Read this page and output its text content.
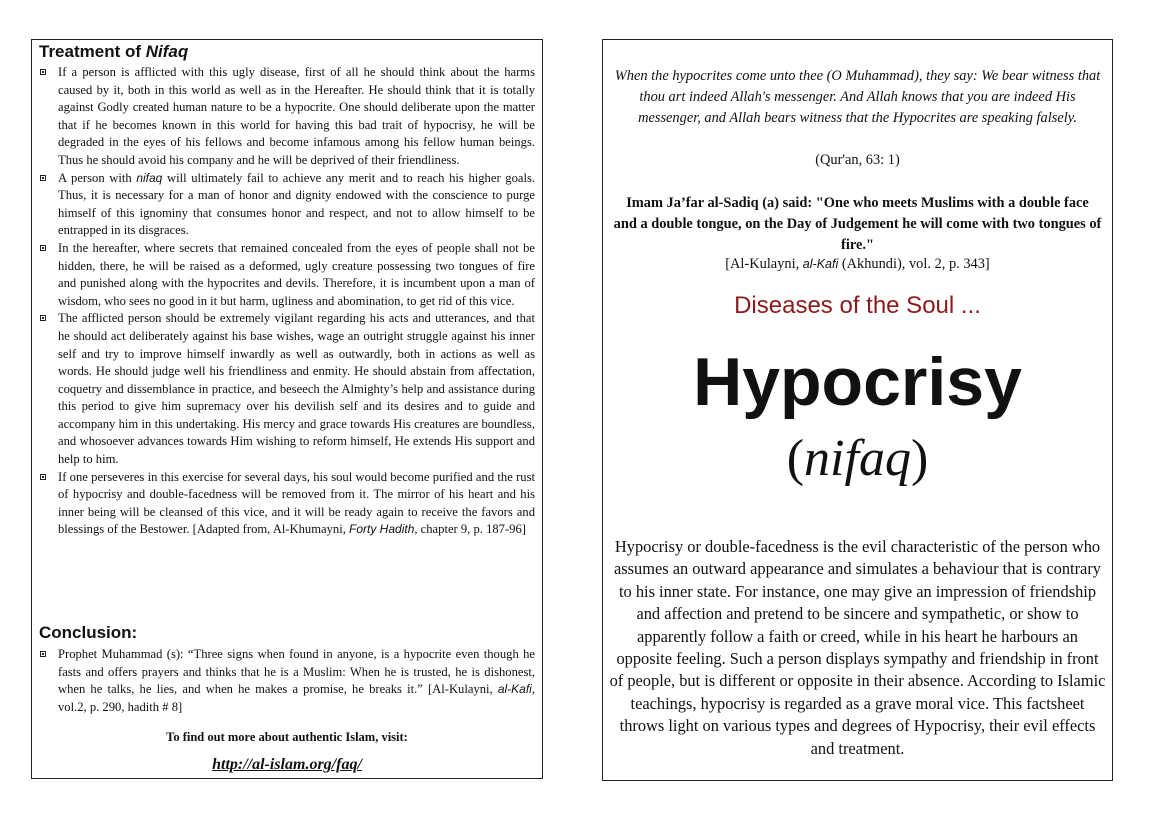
Treatment of Nifaq
If a person is afflicted with this ugly disease, first of all he should think about the harms caused by it, both in this world as well as in the Hereafter. He should think that it is totally against Godly created human nature to be a hypocrite. One should deliberate upon the matter that if he becomes known in this world for having this bad trait of hypocrisy, he will be degraded in the eyes of his fellows and become infamous among his fellow human beings. Thus he should avoid his company and he will be deprived of their friendliness.
A person with nifaq will ultimately fail to achieve any merit and to reach his higher goals. Thus, it is necessary for a man of honor and dignity endowed with the conscience to purge himself of this ignominy that consumes honor and respect, and not to allow himself to be entrapped in its disgraces.
In the hereafter, where secrets that remained concealed from the eyes of people shall not be hidden, there, he will be raised as a deformed, ugly creature possessing two tongues of fire and punished along with the hypocrites and devils. Therefore, it is incumbent upon a man of wisdom, who sees no good in it but harm, ugliness and abomination, to get rid of this vice.
The afflicted person should be extremely vigilant regarding his acts and utterances, and that he should act deliberately against his base wishes, wage an outright struggle against his inner self and try to improve himself inwardly as well as outwardly, both in actions as well as words. He should judge well his friendliness and enmity. He should abstain from affectation, coquetry and dissemblance in practice, and beseech the Almighty’s help and assistance during this period to give him supremacy over his devilish self and its desires and to guide and accompany him in this undertaking. His mercy and grace towards His creatures are boundless, and whosoever advances towards Him wishing to reform himself, He extends His support and help to him.
If one perseveres in this exercise for several days, his soul would become purified and the rust of hypocrisy and double-facedness will be removed from it. The mirror of his heart and his inner being will be cleansed of this vice, and it will be ready again to receive the favors and blessings of the Bestower. [Adapted from, Al-Khumayni, Forty Hadith, chapter 9, p. 187-96]
Conclusion:
Prophet Muhammad (s): “Three signs when found in anyone, is a hypocrite even though he fasts and offers prayers and thinks that he is a Muslim: When he is trusted, he is dishonest, when he talks, he lies, and when he makes a promise, he breaks it.” [Al-Kulayni, al-Kafi, vol.2, p. 290, hadith # 8]
To find out more about authentic Islam, visit:
http://al-islam.org/faq/
When the hypocrites come unto thee (O Muhammad), they say: We bear witness that thou art indeed Allah's messenger. And Allah knows that you are indeed His messenger, and Allah bears witness that the Hypocrites are speaking falsely.
(Qur'an, 63: 1)
Imam Ja’far al-Sadiq (a) said: "One who meets Muslims with a double face and a double tongue, on the Day of Judgement he will come with two tongues of fire."
[Al-Kulayni, al-Kafi (Akhundi), vol. 2, p. 343]
Diseases of the Soul ...
Hypocrisy
(nifaq)
Hypocrisy or double-facedness is the evil characteristic of the person who assumes an outward appearance and simulates a behaviour that is contrary to his inner state. For instance, one may give an impression of friendship and affection and pretend to be sincere and sympathetic, or show to apparently follow a faith or creed, while in his heart he harbours an opposite feeling. Such a person displays sympathy and friendship in front of people, but is different or opposite in their absence. According to Islamic teachings, hypocrisy is regarded as a grave moral vice. This factsheet throws light on various types and degrees of Hypocrisy, their evil effects and treatment.
